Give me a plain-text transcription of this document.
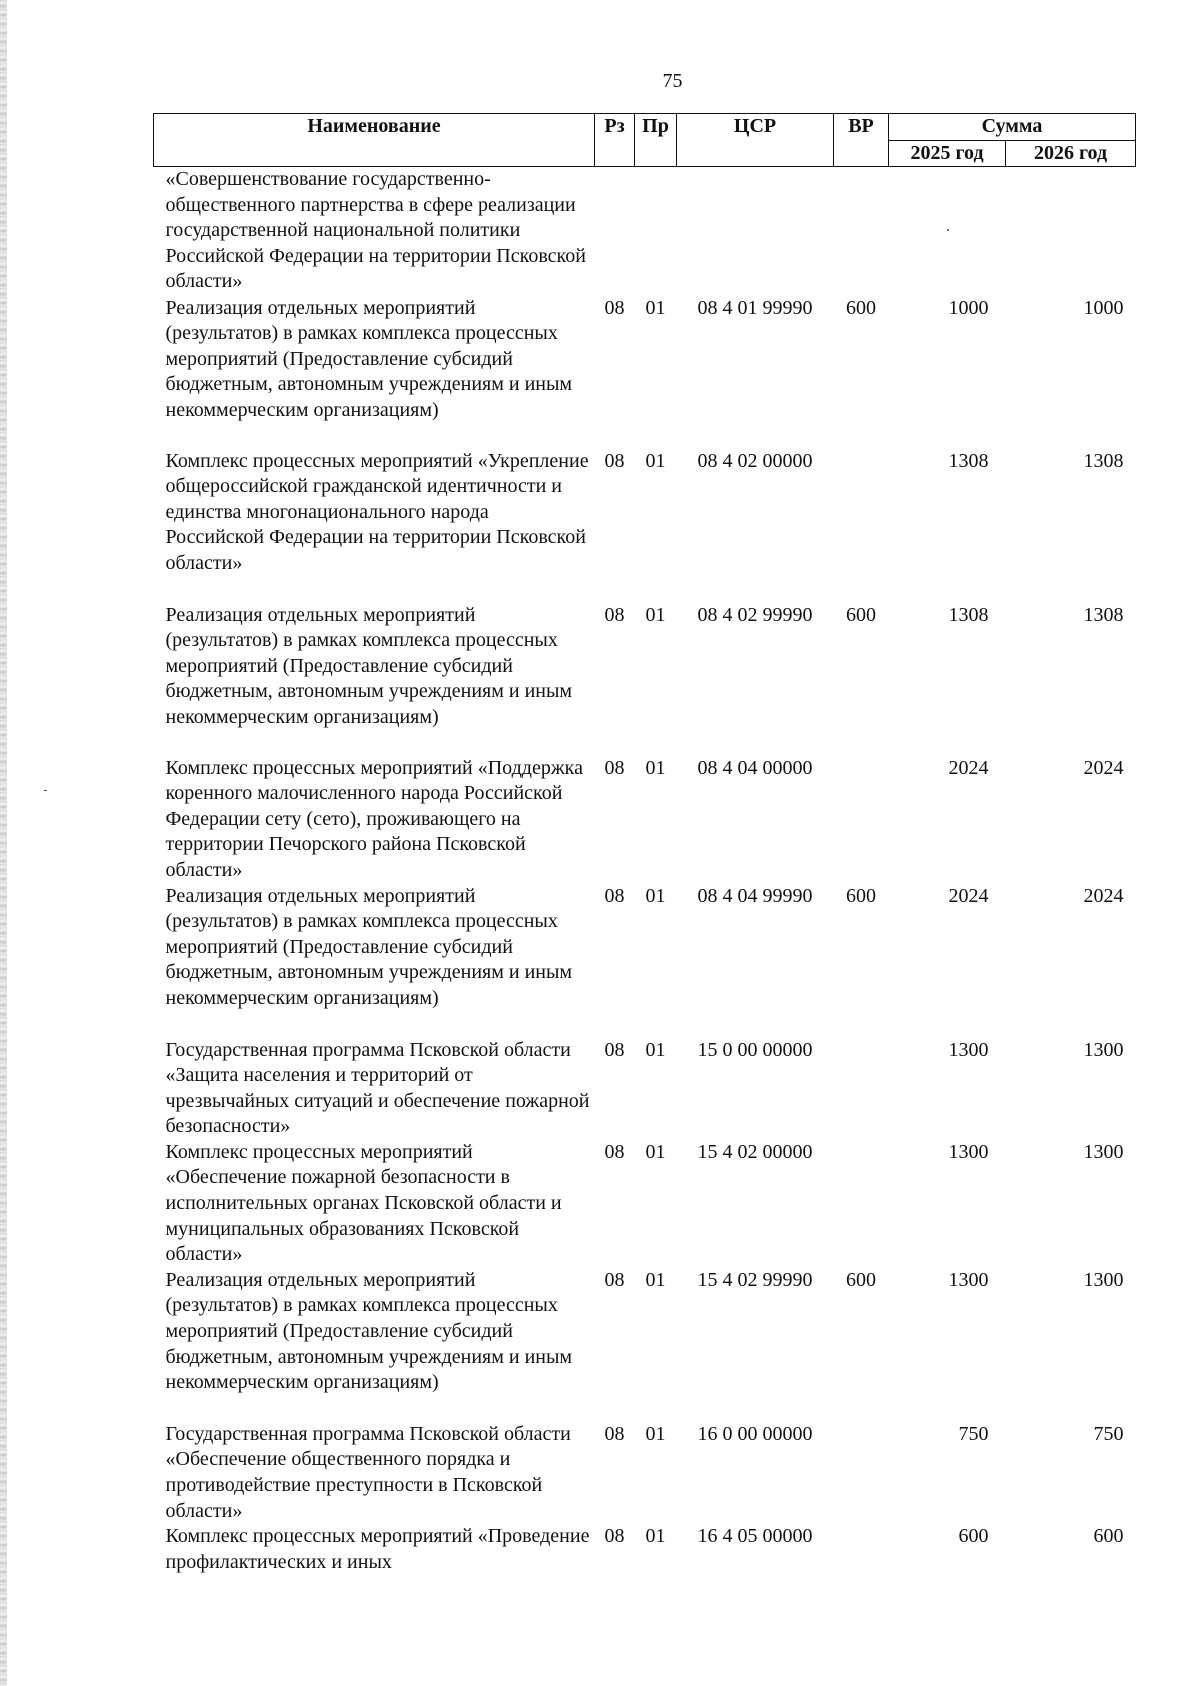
75
Наименование	Рз	Пр	ЦСР	ВР	Сумма	
					2025 год	2026 год
«Совершенствование государственно-общественного партнерства в сфере реализации государственной национальной политики Российской Федерации на территории Псковской области»						
Реализация отдельных мероприятий (результатов) в рамках комплекса процессных мероприятий (Предоставление субсидий бюджетным, автономным учреждениям и иным некоммерческим организациям)	08	01	08 4 01 99990	600	1000	1000
Комплекс процессных мероприятий «Укрепление общероссийской гражданской идентичности и единства многонационального народа Российской Федерации на территории Псковской области»	08	01	08 4 02 00000		1308	1308
Реализация отдельных мероприятий (результатов) в рамках комплекса процессных мероприятий (Предоставление субсидий бюджетным, автономным учреждениям и иным некоммерческим организациям)	08	01	08 4 02 99990	600	1308	1308
Комплекс процессных мероприятий «Поддержка коренного малочисленного народа Российской Федерации сету (сето), проживающего на территории Печорского района Псковской области»	08	01	08 4 04 00000		2024	2024
Реализация отдельных мероприятий (результатов) в рамках комплекса процессных мероприятий (Предоставление субсидий бюджетным, автономным учреждениям и иным некоммерческим организациям)	08	01	08 4 04 99990	600	2024	2024
Государственная программа Псковской области «Защита населения и территорий от чрезвычайных ситуаций и обеспечение пожарной безопасности»	08	01	15 0 00 00000		1300	1300
Комплекс процессных мероприятий «Обеспечение пожарной безопасности в исполнительных органах Псковской области и муниципальных образованиях Псковской области»	08	01	15 4 02 00000		1300	1300
Реализация отдельных мероприятий (результатов) в рамках комплекса процессных мероприятий (Предоставление субсидий бюджетным, автономным учреждениям и иным некоммерческим организациям)	08	01	15 4 02 99990	600	1300	1300
Государственная программа Псковской области «Обеспечение общественного порядка и противодействие преступности в Псковской области»	08	01	16 0 00 00000		750	750
Комплекс процессных мероприятий «Проведение профилактических и иных	08	01	16 4 05 00000		600	600
